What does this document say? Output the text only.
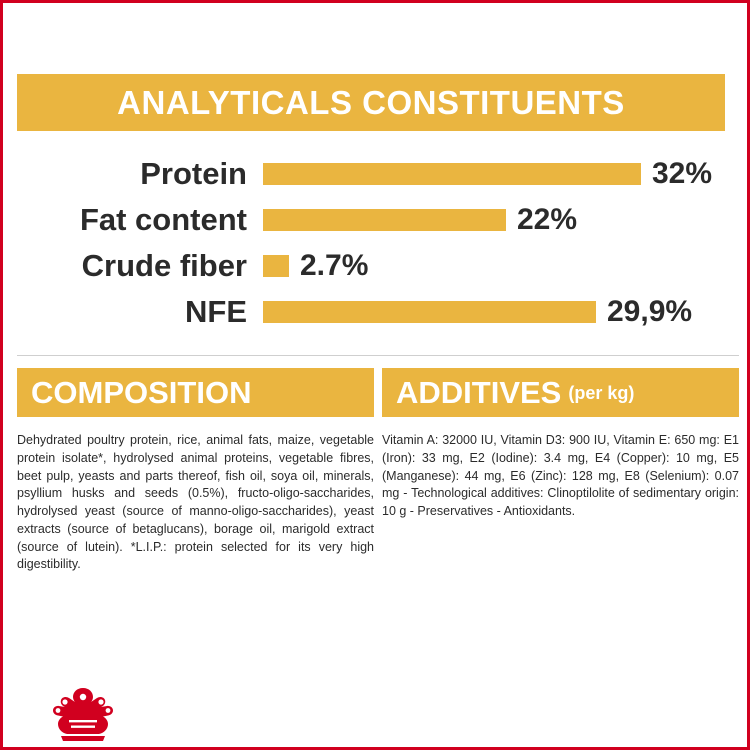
ANALYTICALS CONSTITUENTS
Protein	32%
Fat content	22%
Crude fiber	2.7%
NFE	29,9%
COMPOSITION

Dehydrated poultry protein, rice, animal fats, maize, vegetable protein isolate*, hydrolysed animal proteins, vegetable fibres, beet pulp, yeasts and parts thereof, fish oil, soya oil, minerals, psyllium husks and seeds (0.5%), fructo-oligo-saccharides, hydrolysed yeast (source of manno-oligo-saccharides), yeast extracts (source of betaglucans), borage oil, marigold extract (source of lutein). *L.I.P.: protein selected for its very high digestibility.

ADDITIVES (per kg)

Vitamin A: 32000 IU, Vitamin D3: 900 IU, Vitamin E: 650 mg: E1 (Iron): 33 mg, E2 (Iodine): 3.4 mg, E4 (Copper): 10 mg, E5 (Manganese): 44 mg, E6 (Zinc): 128 mg, E8 (Selenium): 0.07 mg - Technological additives: Clinoptilolite of sedimentary origin: 10 g - Preservatives - Antioxidants.
